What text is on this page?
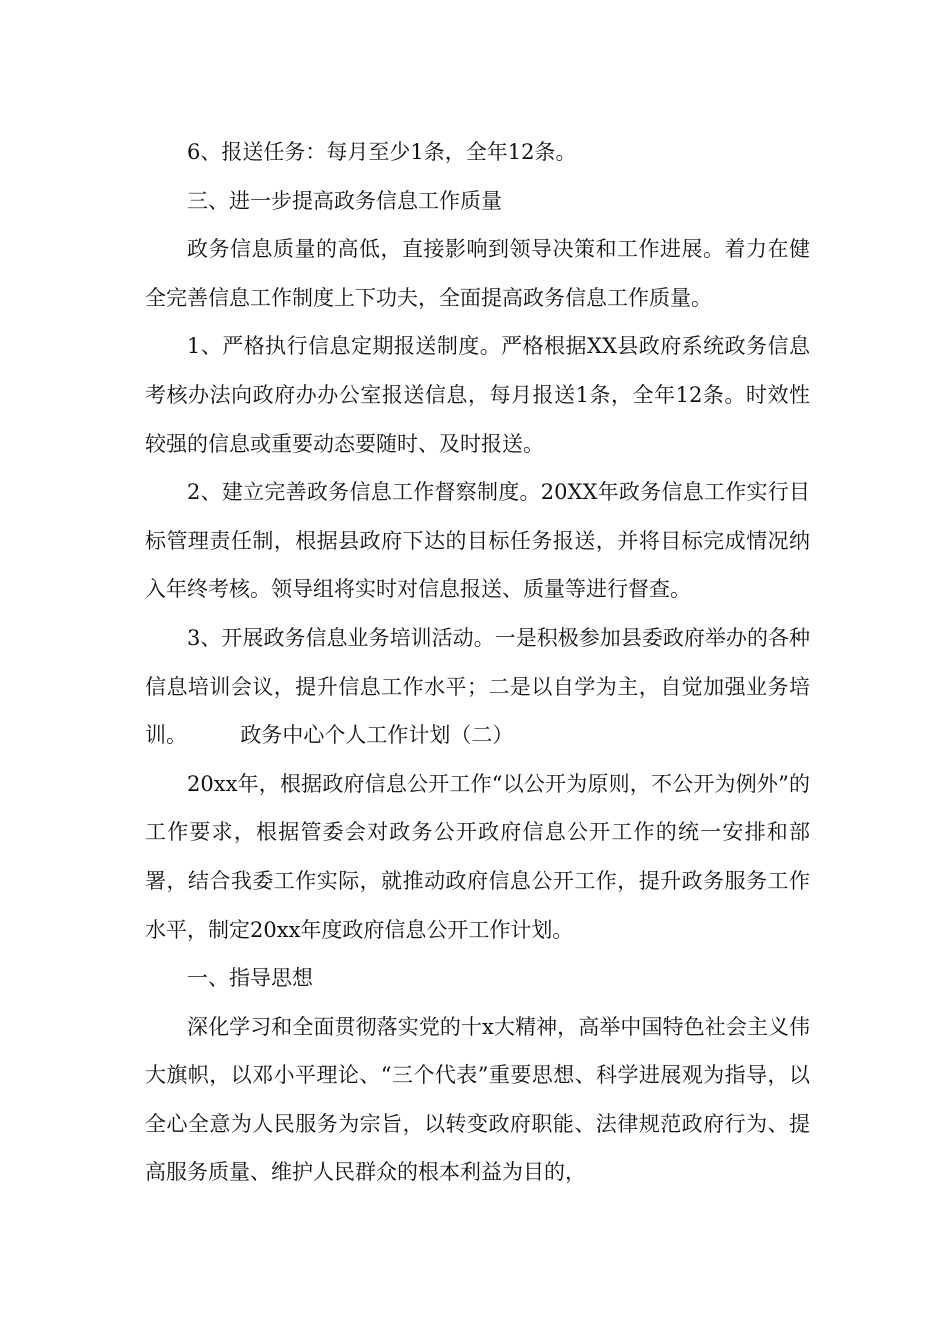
6、报送任务：每月至少1条，全年12条。

三、进一步提高政务信息工作质量

政务信息质量的高低，直接影响到领导决策和工作进展。着力在健全完善信息工作制度上下功夫，全面提高政务信息工作质量。

1、严格执行信息定期报送制度。严格根据XX县政府系统政务信息考核办法向政府办办公室报送信息，每月报送1条，全年12条。时效性较强的信息或重要动态要随时、及时报送。

2、建立完善政务信息工作督察制度。20XX年政务信息工作实行目标管理责任制，根据县政府下达的目标任务报送，并将目标完成情况纳入年终考核。领导组将实时对信息报送、质量等进行督查。

3、开展政务信息业务培训活动。一是积极参加县委政府举办的各种信息培训会议，提升信息工作水平；二是以自学为主，自觉加强业务培训。        政务中心个人工作计划（二）

20xx年，根据政府信息公开工作“以公开为原则，不公开为例外”的工作要求，根据管委会对政务公开政府信息公开工作的统一安排和部署，结合我委工作实际，就推动政府信息公开工作，提升政务服务工作水平，制定20xx年度政府信息公开工作计划。

一、指导思想

深化学习和全面贯彻落实党的十x大精神，高举中国特色社会主义伟大旗帜，以邓小平理论、“三个代表”重要思想、科学进展观为指导，以全心全意为人民服务为宗旨，以转变政府职能、法律规范政府行为、提高服务质量、维护人民群众的根本利益为目的，
